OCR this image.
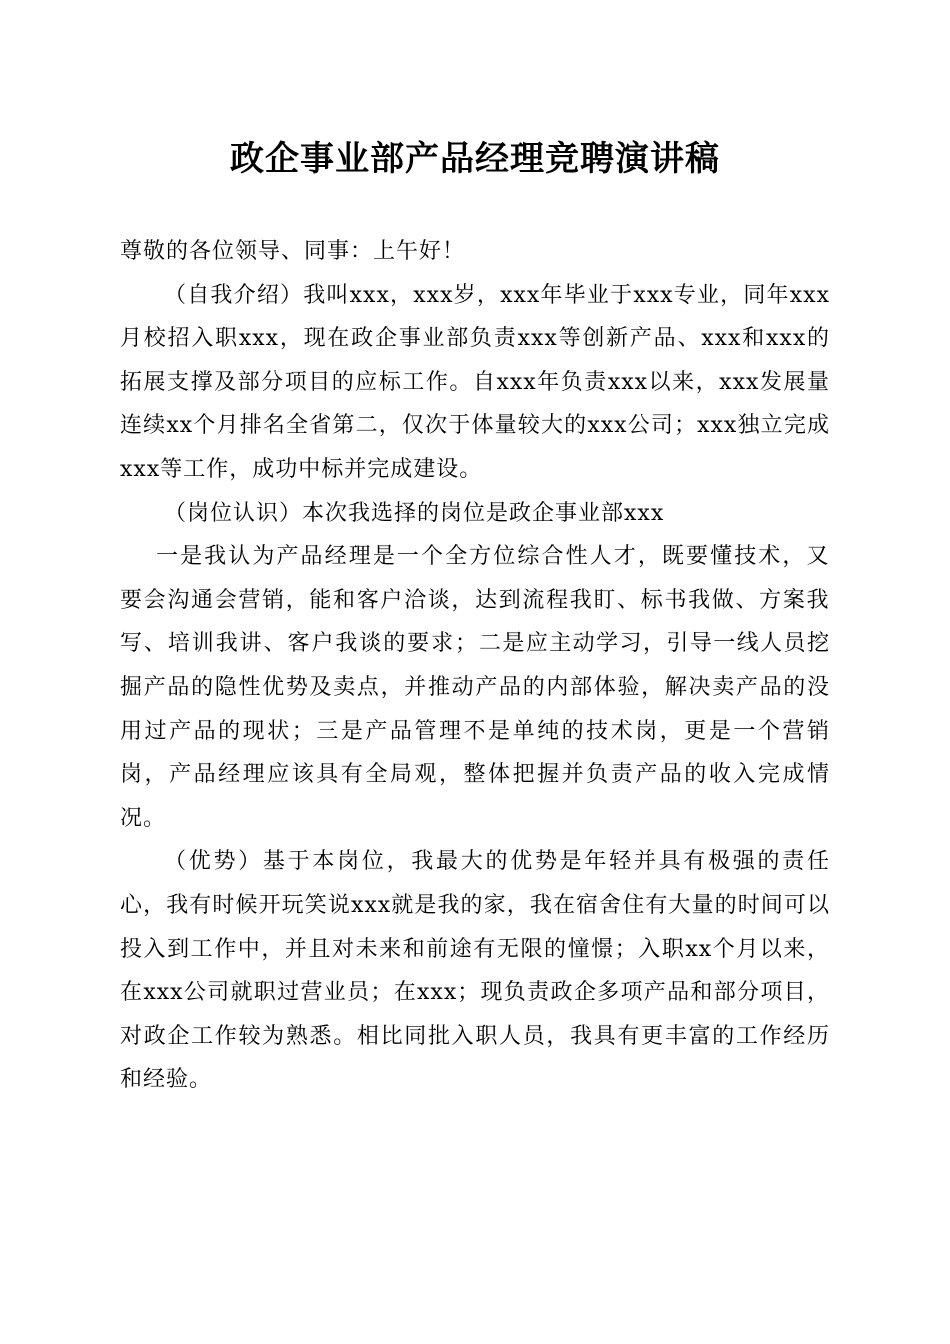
政企事业部产品经理竞聘演讲稿

尊敬的各位领导、同事：上午好！

（自我介绍）我叫xxx，xxx岁，xxx年毕业于xxx专业，同年xxx月校招入职xxx，现在政企事业部负责xxx等创新产品、xxx和xxx的拓展支撑及部分项目的应标工作。自xxx年负责xxx以来，xxx发展量连续xx个月排名全省第二，仅次于体量较大的xxx公司；xxx独立完成xxx等工作，成功中标并完成建设。

（岗位认识）本次我选择的岗位是政企事业部xxx

一是我认为产品经理是一个全方位综合性人才，既要懂技术，又要会沟通会营销，能和客户洽谈，达到流程我盯、标书我做、方案我写、培训我讲、客户我谈的要求；二是应主动学习，引导一线人员挖掘产品的隐性优势及卖点，并推动产品的内部体验，解决卖产品的没用过产品的现状；三是产品管理不是单纯的技术岗，更是一个营销岗，产品经理应该具有全局观，整体把握并负责产品的收入完成情况。

（优势）基于本岗位，我最大的优势是年轻并具有极强的责任心，我有时候开玩笑说xxx就是我的家，我在宿舍住有大量的时间可以投入到工作中，并且对未来和前途有无限的憧憬；入职xx个月以来，在xxx公司就职过营业员；在xxx；现负责政企多项产品和部分项目，对政企工作较为熟悉。相比同批入职人员，我具有更丰富的工作经历和经验。
